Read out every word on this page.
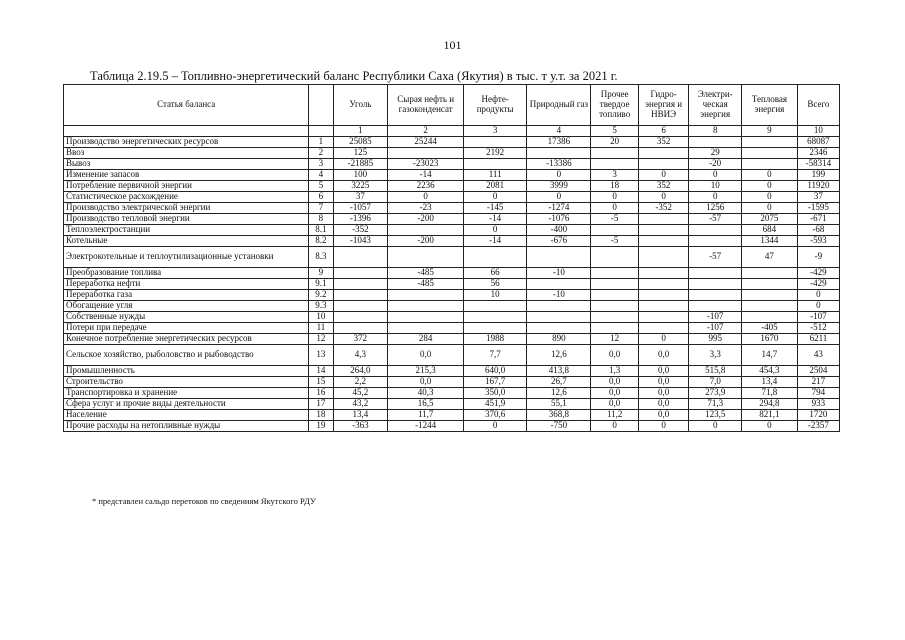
101
Таблица 2.19.5 – Топливно-энергетический баланс Республики Саха (Якутия) в тыс. т у.т. за 2021 г.
Статья баланса		Уголь	Сырая нефть и газоконденсат	Нефте-продукты	Природный газ	Прочее твердое топливо	Гидро-энергия и НВИЭ	Электри-ческая энергия	Тепловая энергия	Всего
		1	2	3	4	5	6	8	9	10
Производство энергетических ресурсов	1	25085	25244		17386	20	352			68087
Ввоз	2	125		2192				29		2346
Вывоз	3	-21885	-23023		-13386			-20		-58314
Изменение запасов	4	100	-14	111	0	3	0	0	0	199
Потребление первичной энергии	5	3225	2236	2081	3999	18	352	10	0	11920
Статистическое расхождение	6	37	0	0	0	0	0	0	0	37
Производство электрической энергии	7	-1057	-23	-145	-1274	0	-352	1256	0	-1595
Производство тепловой энергии	8	-1396	-200	-14	-1076	-5		-57	2075	-671
Теплоэлектростанции	8.1	-352		0	-400				684	-68
Котельные	8.2	-1043	-200	-14	-676	-5			1344	-593
Электрокотельные и теплоутилизационные установки	8.3							-57	47	-9
Преобразование топлива	9		-485	66	-10					-429
Переработка нефти	9.1		-485	56						-429
Переработка газа	9.2			10	-10					0
Обогащение угля	9.3									0
Собственные нужды	10							-107		-107
Потери при передаче	11							-107	-405	-512
Конечное потребление энергетических ресурсов	12	372	284	1988	890	12	0	995	1670	6211
Сельское хозяйство, рыболовство и рыбоводство	13	4,3	0,0	7,7	12,6	0,0	0,0	3,3	14,7	43
Промышленность	14	264,0	215,3	640,0	413,8	1,3	0,0	515,8	454,3	2504
Строительство	15	2,2	0,0	167,7	26,7	0,0	0,0	7,0	13,4	217
Транспортировка и хранение	16	45,2	40,3	350,0	12,6	0,0	0,0	273,9	71,8	794
Сфера услуг и прочие виды деятельности	17	43,2	16,5	451,9	55,1	0,0	0,0	71,3	294,8	933
Население	18	13,4	11,7	370,6	368,8	11,2	0,0	123,5	821,1	1720
Прочие расходы на нетопливные нужды	19	-363	-1244	0	-750	0	0	0	0	-2357
* представлен сальдо перетоков по сведениям Якутского РДУ
